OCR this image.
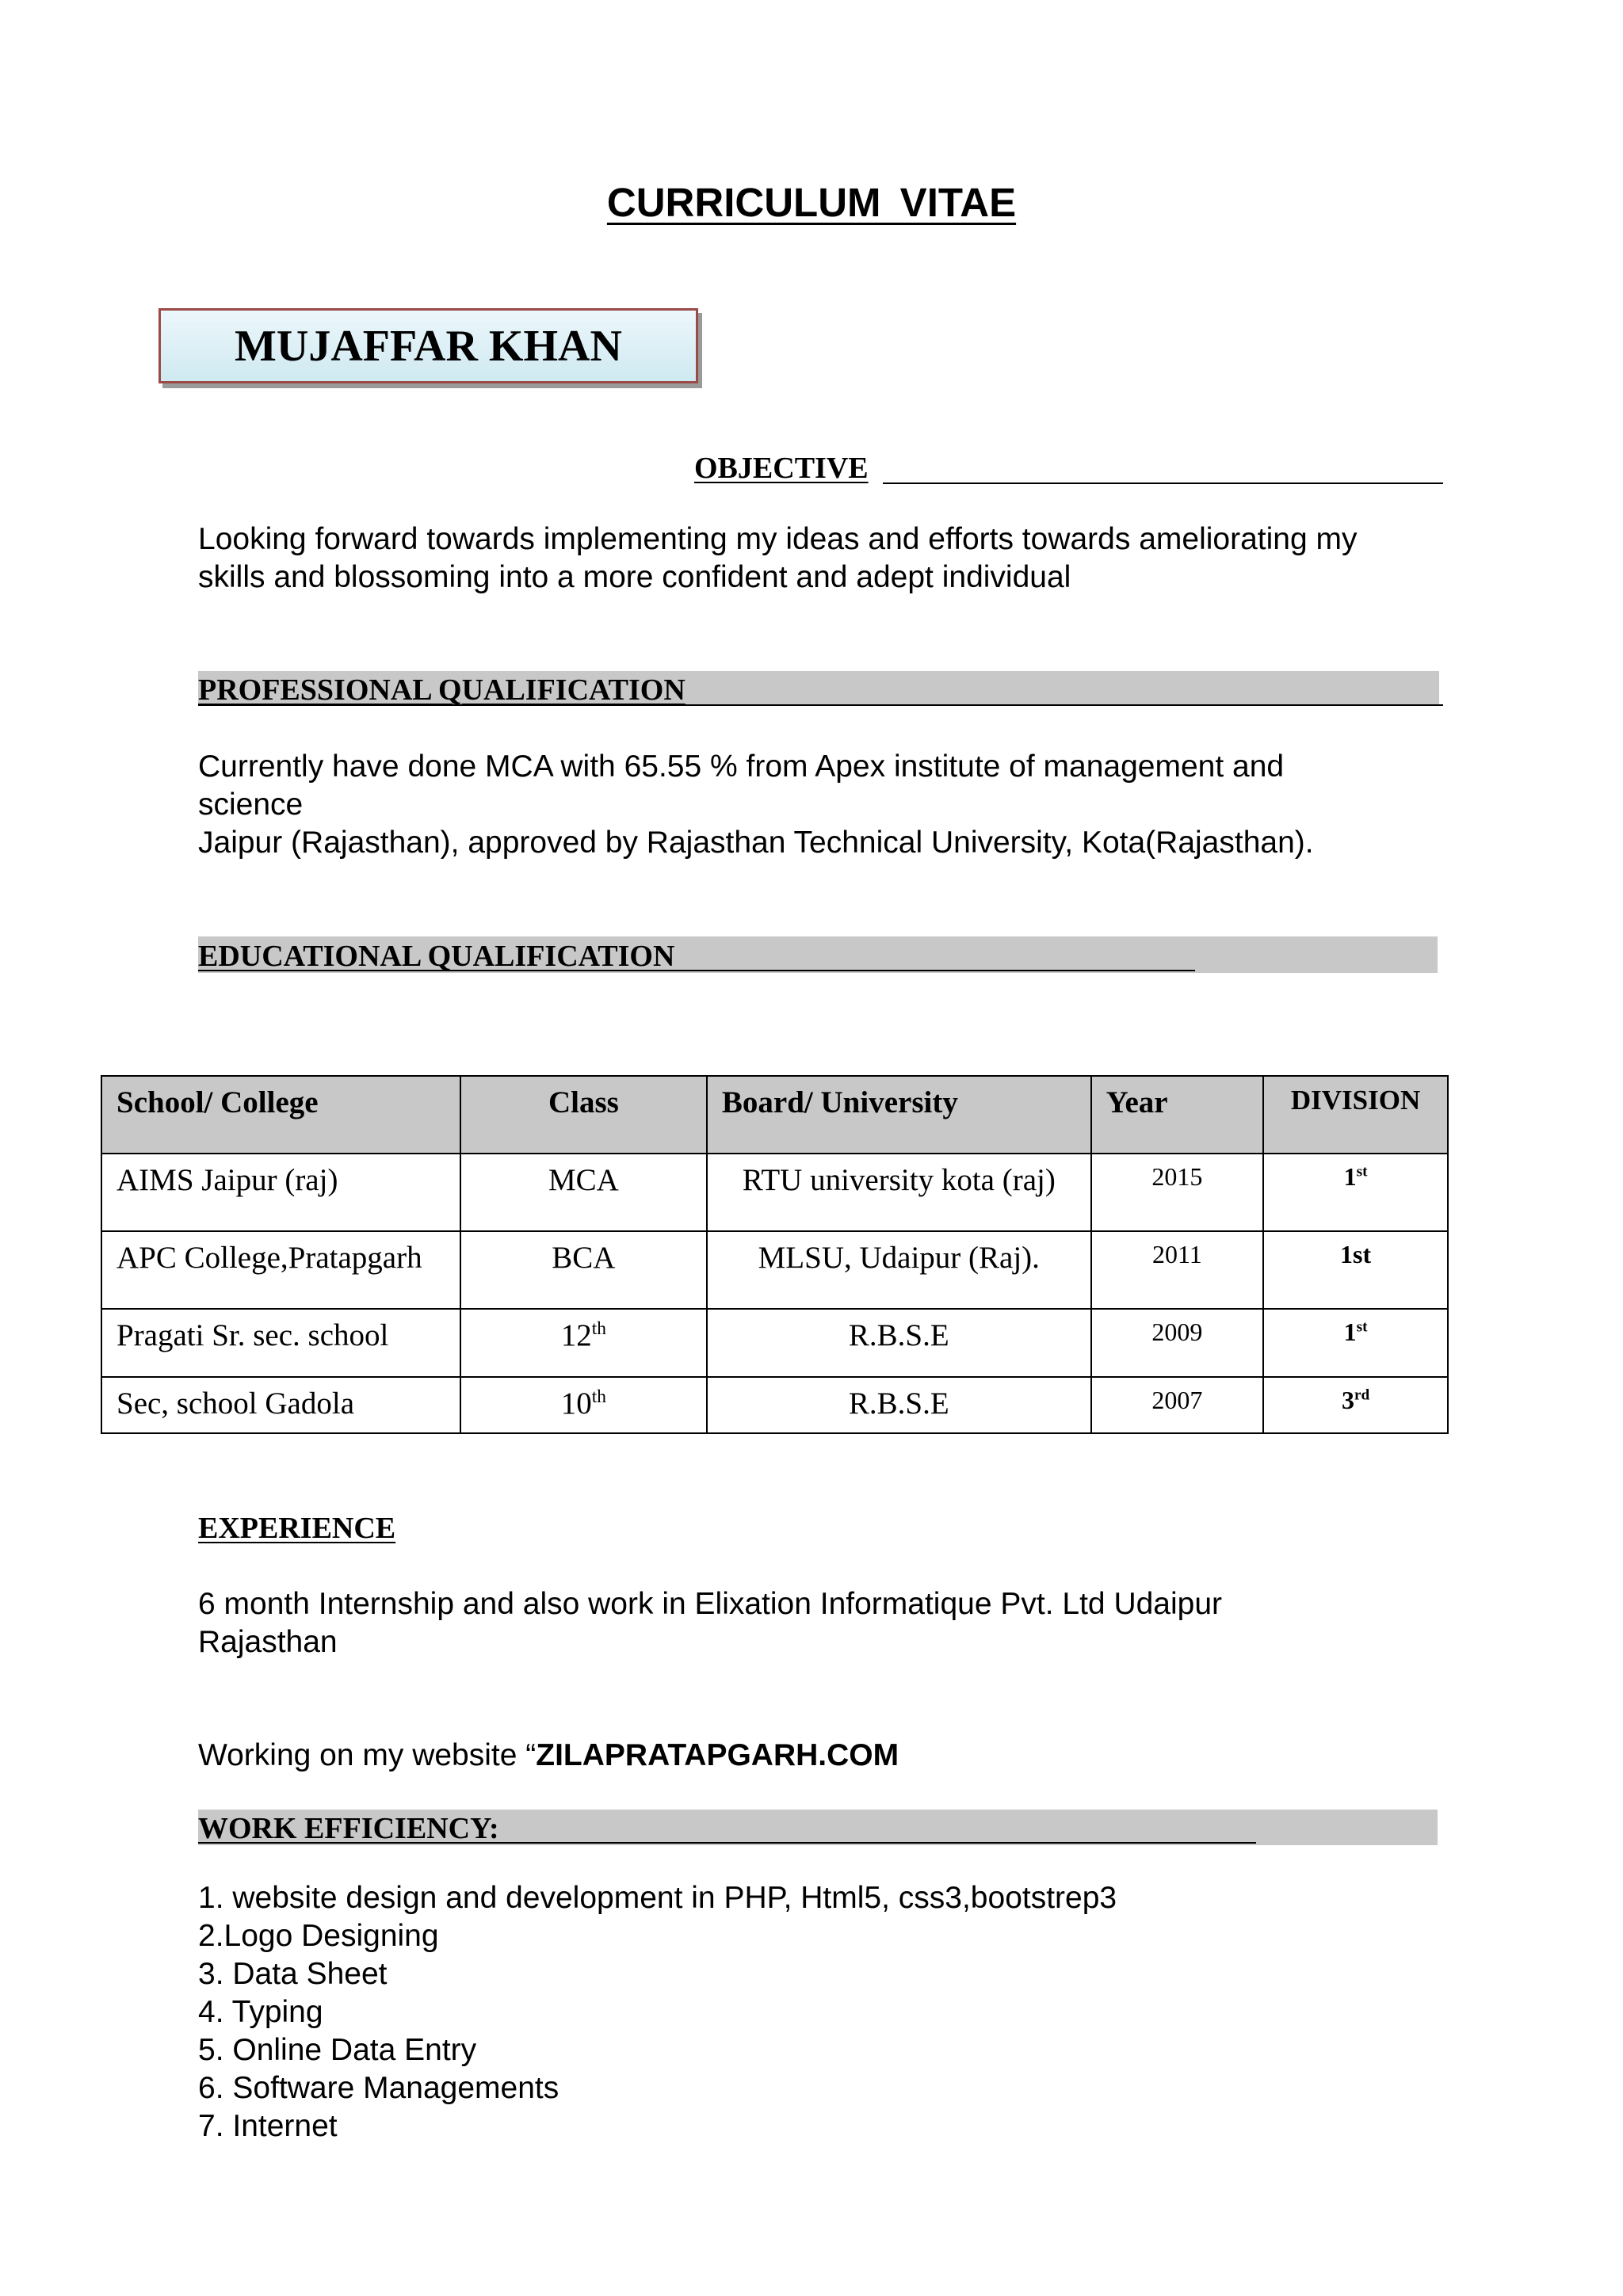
CURRICULUM VITAE
MUJAFFAR KHAN
OBJECTIVE
Looking forward towards implementing my ideas and efforts towards ameliorating my
skills and blossoming into a more confident and adept individual
PROFESSIONAL QUALIFICATION
Currently have done MCA with 65.55 % from Apex institute of management and
science
Jaipur (Rajasthan), approved by Rajasthan Technical University, Kota(Rajasthan).
EDUCATIONAL QUALIFICATION
School/ College	Class	Board/ University	Year	DIVISION
AIMS Jaipur (raj)	MCA	RTU university kota (raj)	2015	1st
APC College,Pratapgarh	BCA	MLSU, Udaipur (Raj).	2011	1st
Pragati Sr. sec. school	12th	R.B.S.E	2009	1st
Sec, school Gadola	10th	R.B.S.E	2007	3rd
EXPERIENCE
6 month Internship and also work in Elixation Informatique Pvt. Ltd Udaipur
Rajasthan
Working on my website “ZILAPRATAPGARH.COM
WORK EFFICIENCY:
1. website design and development in PHP, Html5, css3,bootstrep3
2.Logo Designing
3. Data Sheet
4. Typing
5. Online Data Entry
6. Software Managements
7. Internet
